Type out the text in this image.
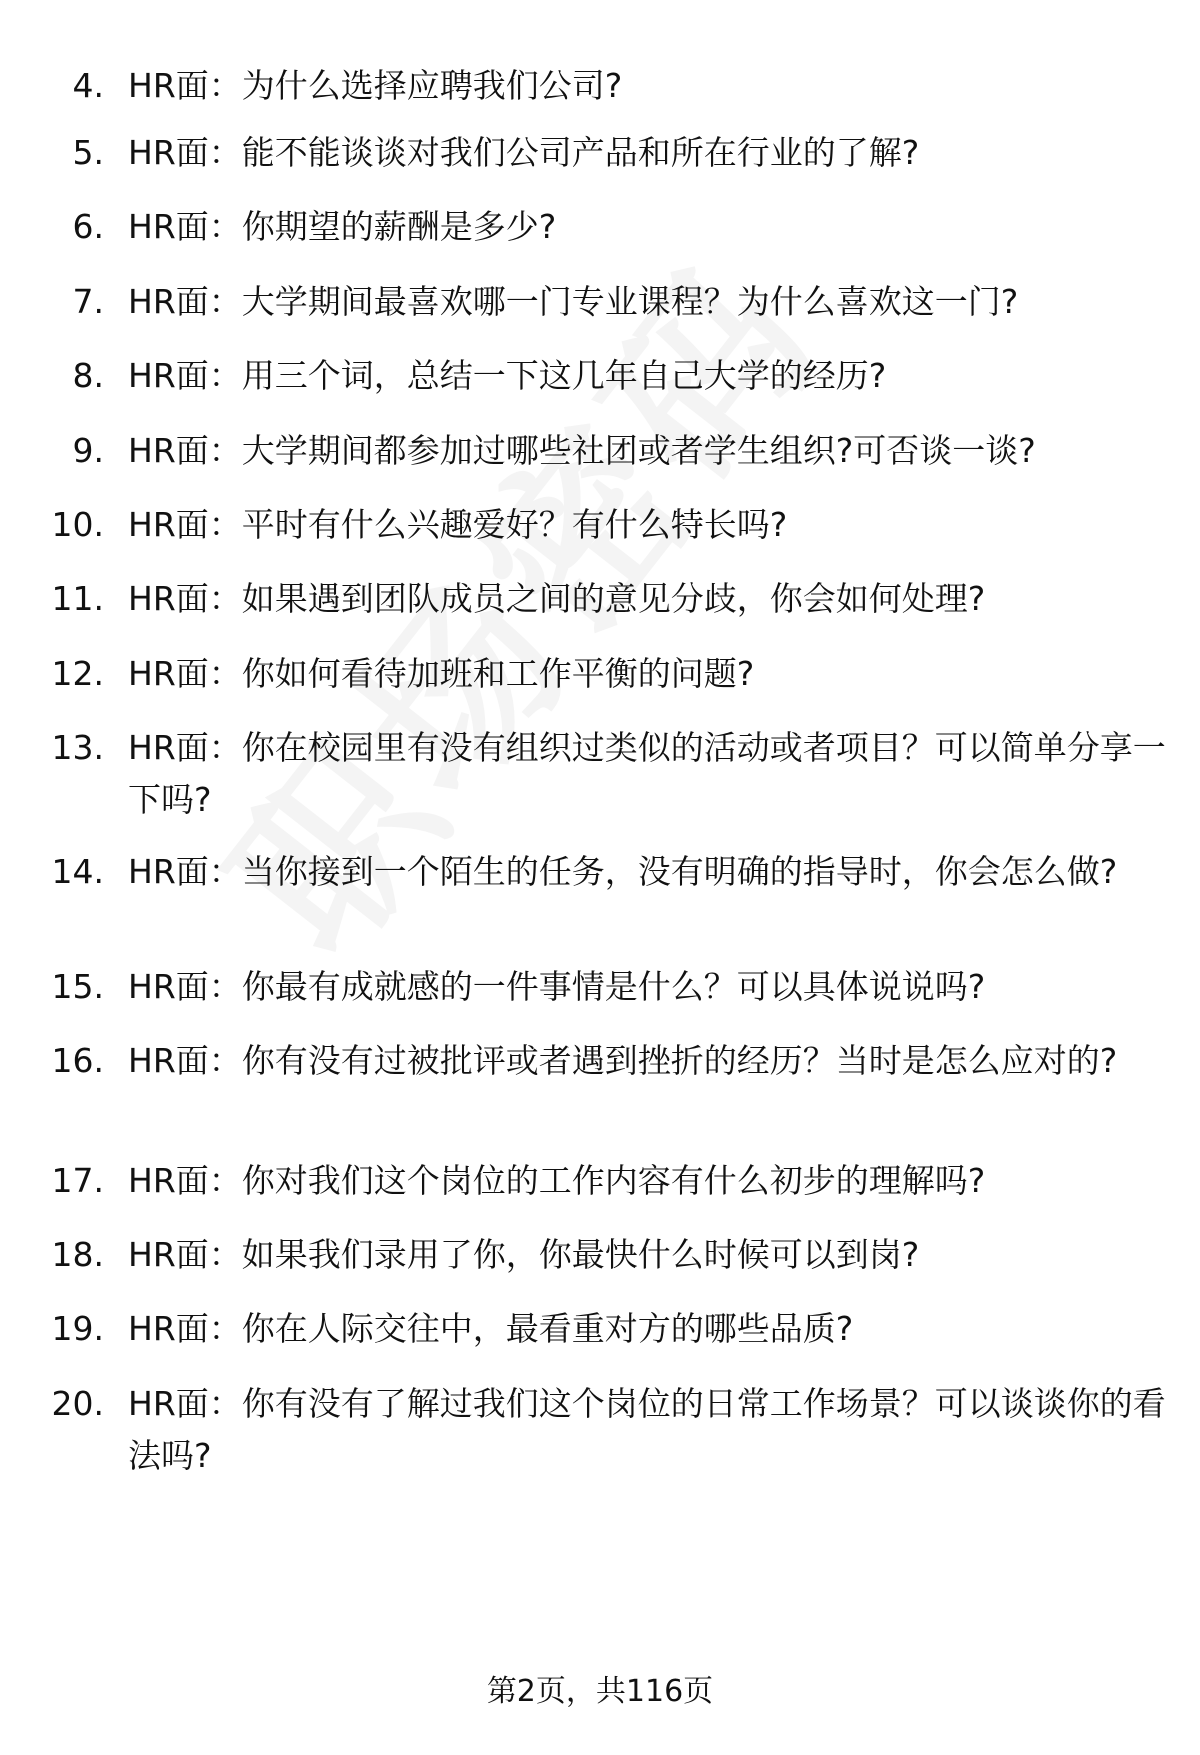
4. HR面：为什么选择应聘我们公司?
5. HR面：能不能谈谈对我们公司产品和所在行业的了解?
6. HR面：你期望的薪酬是多少?
7. HR面：大学期间最喜欢哪一门专业课程？为什么喜欢这一门?
8. HR面：用三个词，总结一下这几年自己大学的经历?
9. HR面：大学期间都参加过哪些社团或者学生组织?可否谈一谈?
10. HR面：平时有什么兴趣爱好？有什么特长吗?
11. HR面：如果遇到团队成员之间的意见分歧，你会如何处理?
12. HR面：你如何看待加班和工作平衡的问题?
13. HR面：你在校园里有没有组织过类似的活动或者项目？可以简单分享一下吗?
14. HR面：当你接到一个陌生的任务，没有明确的指导时，你会怎么做?
15. HR面：你最有成就感的一件事情是什么？可以具体说说吗?
16. HR面：你有没有过被批评或者遇到挫折的经历？当时是怎么应对的?
17. HR面：你对我们这个岗位的工作内容有什么初步的理解吗?
18. HR面：如果我们录用了你，你最快什么时候可以到岗?
19. HR面：你在人际交往中，最看重对方的哪些品质?
20. HR面：你有没有了解过我们这个岗位的日常工作场景？可以谈谈你的看法吗?
第2页，共116页
